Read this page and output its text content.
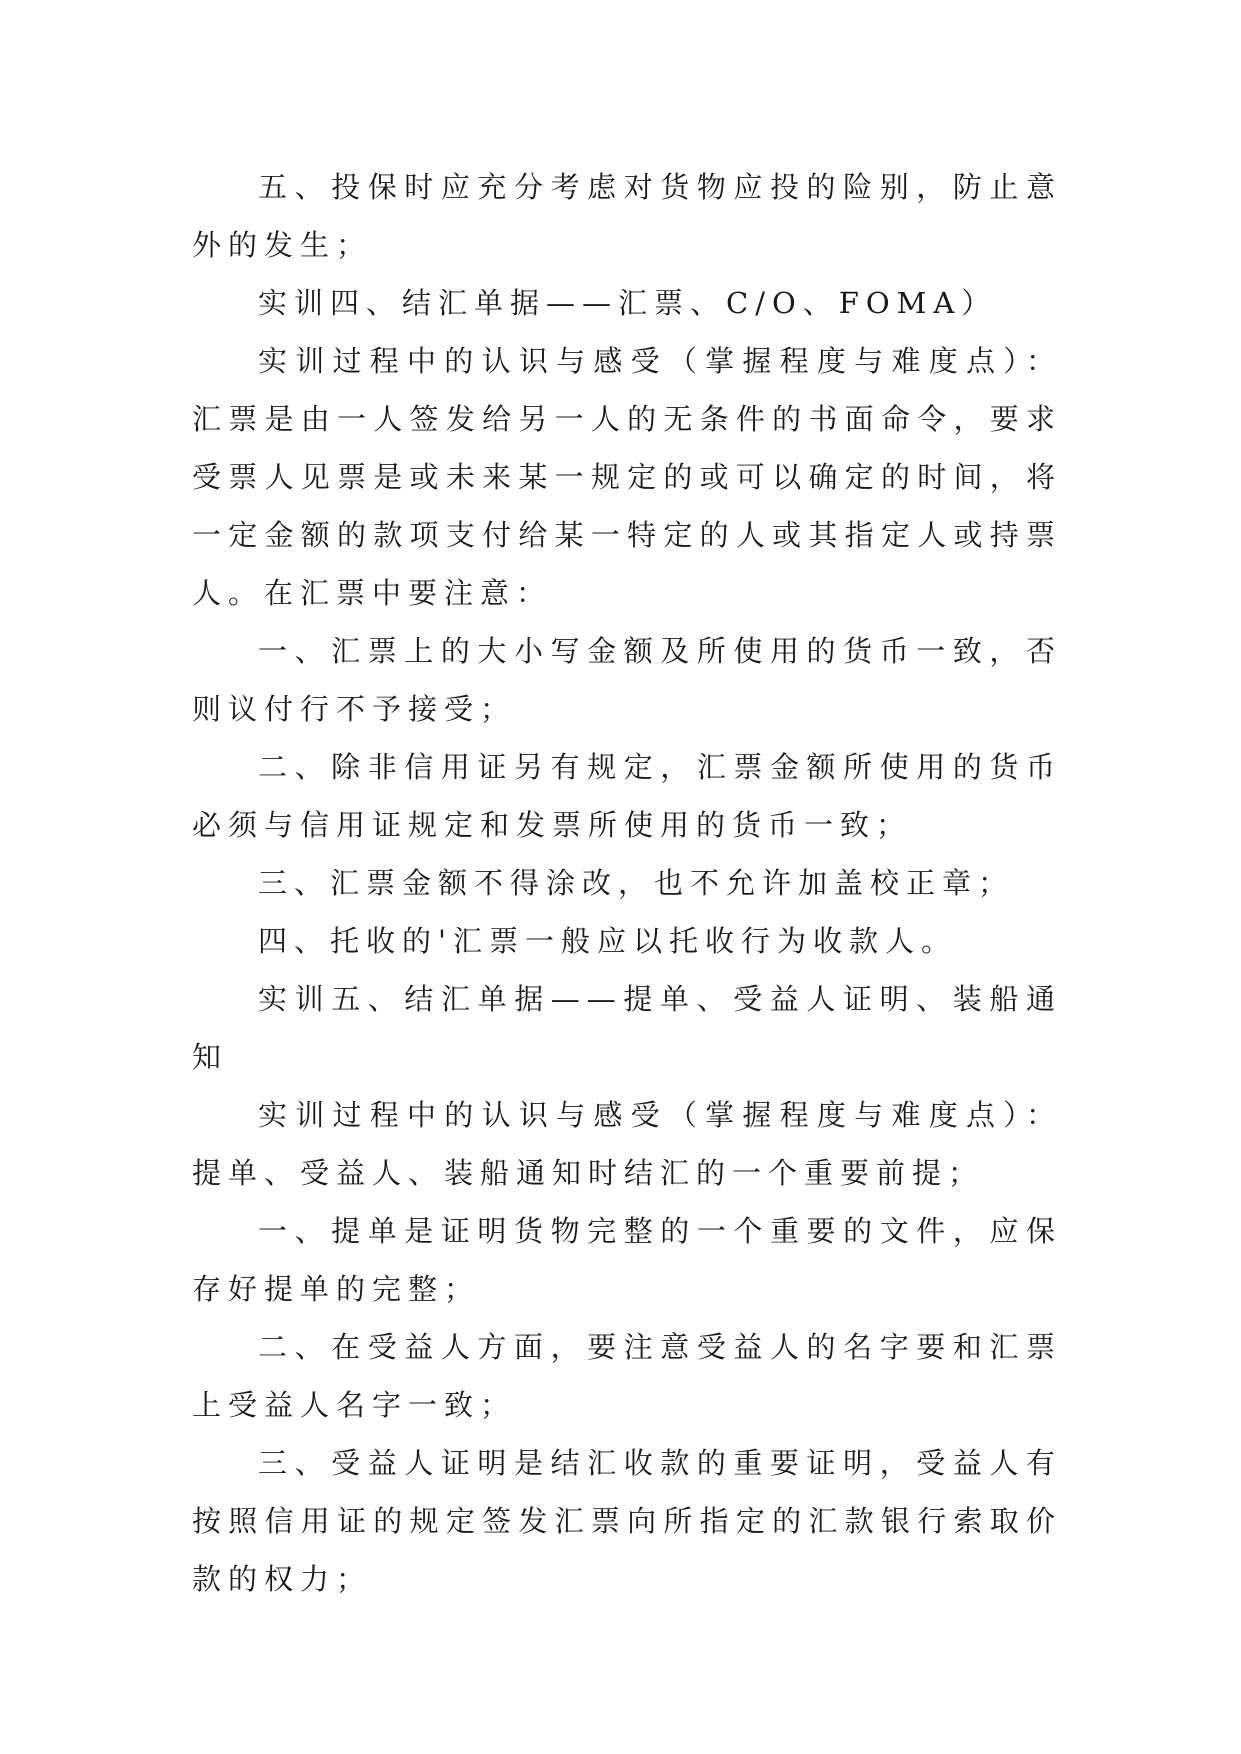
五、投保时应充分考虑对货物应投的险别，防止意外的发生；

实训四、结汇单据——汇票、C/O、FOMA）

实训过程中的认识与感受（掌握程度与难度点）：汇票是由一人签发给另一人的无条件的书面命令，要求受票人见票是或未来某一规定的或可以确定的时间，将一定金额的款项支付给某一特定的人或其指定人或持票人。在汇票中要注意：

一、汇票上的大小写金额及所使用的货币一致，否则议付行不予接受；

二、除非信用证另有规定，汇票金额所使用的货币必须与信用证规定和发票所使用的货币一致；

三、汇票金额不得涂改，也不允许加盖校正章；

四、托收的'汇票一般应以托收行为收款人。

实训五、结汇单据——提单、受益人证明、装船通知

实训过程中的认识与感受（掌握程度与难度点）：提单、受益人、装船通知时结汇的一个重要前提；

一、提单是证明货物完整的一个重要的文件，应保存好提单的完整；

二、在受益人方面，要注意受益人的名字要和汇票上受益人名字一致；

三、受益人证明是结汇收款的重要证明，受益人有按照信用证的规定签发汇票向所指定的汇款银行索取价款的权力；
